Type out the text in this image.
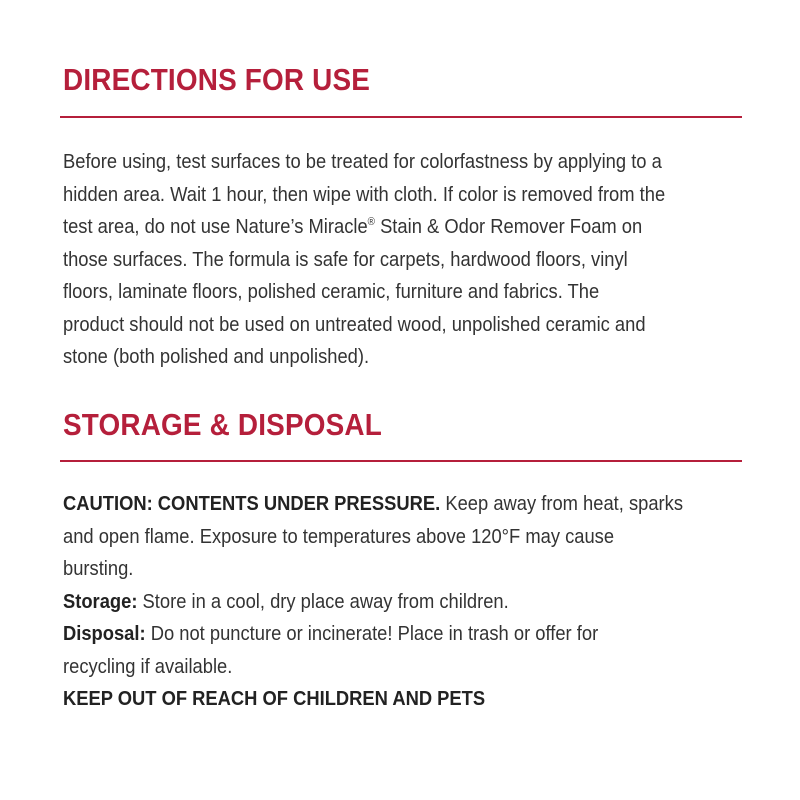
DIRECTIONS FOR USE

Before using, test surfaces to be treated for colorfastness by applying to a
hidden area. Wait 1 hour, then wipe with cloth. If color is removed from the
test area, do not use Nature’s Miracle® Stain & Odor Remover Foam on
those surfaces. The formula is safe for carpets, hardwood floors, vinyl
floors, laminate floors, polished ceramic, furniture and fabrics. The
product should not be used on untreated wood, unpolished ceramic and
stone (both polished and unpolished).

STORAGE & DISPOSAL

CAUTION: CONTENTS UNDER PRESSURE. Keep away from heat, sparks
and open flame. Exposure to temperatures above 120°F may cause
bursting.
Storage: Store in a cool, dry place away from children.
Disposal: Do not puncture or incinerate! Place in trash or offer for
recycling if available.
KEEP OUT OF REACH OF CHILDREN AND PETS
